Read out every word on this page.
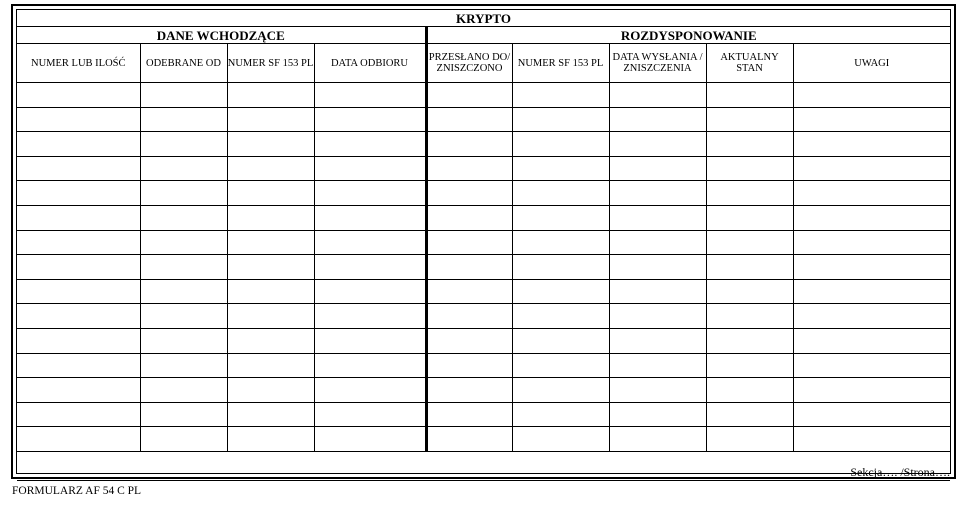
KRYPTO								
DANE WCHODZĄCE				ROZDYSPONOWANIE				
NUMER LUB ILOŚĆ	ODEBRANE OD	NUMER SF 153 PL	DATA ODBIORU	PRZESŁANO DO/ ZNISZCZONO	NUMER SF 153 PL	DATA WYSŁANIA / ZNISZCZENIA	AKTUALNY STAN	UWAGI

Sekcja…. /Strona….								
FORMULARZ AF 54 C PL
